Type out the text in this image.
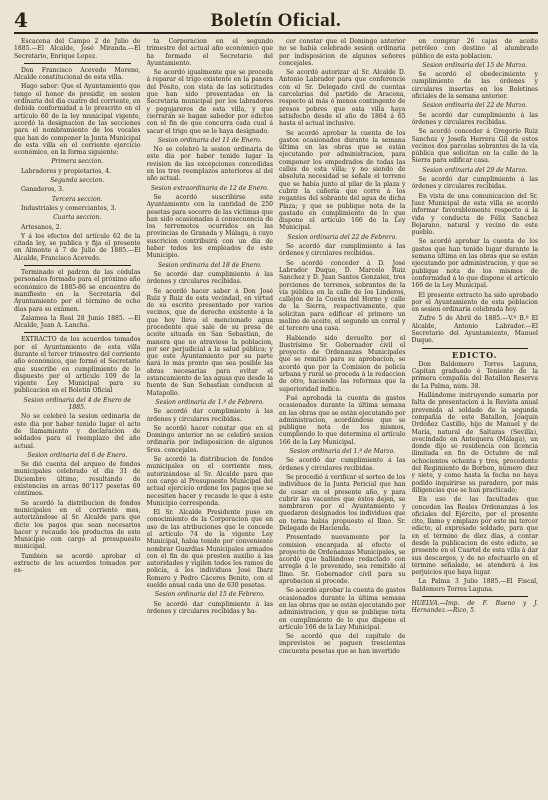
4	Boletín Oficial.

Escacena del Campo 2 de Julio de 1885.—El Alcalde, José Miranda.—El Secretario, Enrique Lopez.

Don Francisco Acevedo Moreno, Alcalde constitucional de esta villa.

Hago saber: Que el Ayuntamiento que tengo el honor de presidir, en sesion ordinaria del dia cuatro del corriente, en debida conformidad a lo prescrito en el artículo 60 de la ley municipal vigente, acordó la designacion de las secciones para el nombramiento de los vocales que han de componer la Junta Municipal de esta villa en el corriente ejercicio económico, en la forma siguiente:

Primera seccion.

Labradores y propietarios, 4.

Segunda seccion.

Ganaderos, 3.

Tercera seccion.

Industriales y comerciantes, 3.

Cuarta seccion.

Artesanos, 2.

Y á los efectos del artículo 62 de la citada ley, se publica y fija el presente en Almonte á 7 de Julio de 1885.—El Alcalde, Francisco Acevedo.

Terminado el padron de las cédulas personales formado para el próximo año económico de 1885-86 se encuentra de manifiesto en la Secretaría del Ayuntamiento por el término de ocho dias para su exámen.

Zalamea la Real 28 Junio 1885. —El Alcalde, Juan A. Lancha.

EXTRACTO de los acuerdos tomados por el Ayuntamiento de esta villa durante el tercer trimestre del corriente año económico, que formó el Secretario que suscribe en cumplimiento de lo dispuesto por el artículo 109 de la vigente Ley Municipal para su publicacion en el Boletin Oficial

Sesion ordinaria del 4 de Enero de 1885.

No se celebró la sesion ordinaria de este dia por haber tenido lugar el acto de llamamiento y declaracion de soldados para el reemplazo del año actual.

Sesion ordinaria del 6 de Enero.

Se dió cuenta del arqueo de fondos municipales celebrado el dia 31 de Diciembre último, resultando de existencias en arcas 80'117 pesetas 69 céntimos.

Se acordó la distribucion de fondos municipales en el corriente mes, autorizándose al Sr. Alcalde para que dicte los pagos que sean necesarios hacer y recaudo los productos de este Municipio con cargo al presupuesto municipal.

También se acordó aprobar el extracto de los acuerdos tomados por es-

ta Corporacion en el segundo trimestre del actual año económico que ha formado el Secretario del Ayuntamiento.

Se acordó igualmente que se proceda á reparar el trigo existente en la panera del Pósito, con vista de las solicitudes que han sido presentadas en la Secretaría municipal por los labradores y pegujareros de esta villa, y que cierrarán se hagan sabedor por edictos con el fin de que concurra cada cual á sacar el trigo que se le haya designado.

Sesion ordinaria del 11 de Enero.

No se celebró la sesion ordinaria de este dia por haber tenido lugar la revision de las excepciones concedidas en los tres reemplazos anteriores al del año actual.

Sesion extraordinaria de 12 de Enero.

Se acordó suscribirse este Ayuntamiento con la cantidad de 250 pesetas para socorro de las víctimas que han sido ocasionadas á consecuencia de los terremotos ocurridos en las provincias de Granada y Málaga, á cuyo suscricion contribuirá con un dia de haber todos los empleados de este Municipio.

Sesion ordinaria del 18 de Enero.

Se acordó dar cumplimiento á las órdenes y circulares recibidas.

Se acordó hacer saber á Don José Ruiz y Ruiz de esta vecindad, en virtud de su escrito presentado por varios vecinos, que de derecho existente á la que hoy lleva el mencionado agua procedente que sale de su presa de aceite situada en San Sebastian, de manera que no atraviese la poblacion, por ser perjudicial á la salud pública; y que este Ayuntamiento por su parte hará lo más pronto que sea posible las obras necesarias para evitar el estancamiento de las aguas que desde la fuente de San Sebastian conducen al Matapollo.

Sesion ordinaria de 1.º de Febrero.

Se acordó dar cumplimiento á las órdenes y circulares recibidas.

Se acordó hacer constar que en el Domingo anterior no se celebró sesion ordinaria por indisposicion de algunos Sres. concejales.

Se acordó la distribucion de fondos municipales en el corriente mes, autorizándose al Sr. Alcalde para que con cargo al Presupuesto Municipal del actual ejercicio ordene los pagos que se necesiten hacer y recaude lo que á este Municipio corresponda.

El Sr. Alcalde Presidente puso en conocimiento de la Corporacion que en uso de las atribuciones que le concede el artículo 74 de la vigente Ley Municipal, habia tenido por conveniente nombrar Guardias Municipales armados con el fin de que presten auxilio á las autoridades y vigilen todos los ramos de policía, á los individuos José Ibarz Romero y Pedro Cáceres Benito, con el sueldo anual cada uno de 630 pesetas.

Sesion ordinaria del 15 de Febrero.

Se acordó dar cumplimiento á las órdenes y circulares recibidas y ha-

cer constar que el Domingo anterior no se había celebrado sesion ordinaria por indisposicion de algunos señores concejales.

Se acordó autorizar al Sr. Alcalde D. Antonio Labrador para que conferencie con el Sr. Delegado civil de cuentas carcelarias del partido de Aracena, respecto al más ó menos contingente de presos pobres que esta villa haya satisfecho desde el año de 1864 á 65 hasta el actual inclusive.

Se acordó aprobar la cuenta de los gastos ocasionados durante la semana última en las obras que se están ejecutando por administracion, para componer los empedrados de todas las calles de esta villa; y no siendo de absoluta necesidad se señale el terreno que se había junto al pilar de la plaza y cubrir la cañería que corre á los regantes del sobrante del agua de dicha Plaza; y que se publique nota de la gastado en cumplimiento de lo que dispone el artículo 166 de la Ley Municipal.

Sesion ordinaria del 22 de Febrero.

Se acordó dar cumplimiento á las órdenes y circulares recibidas.

Se acordó conceder á D. José Labrador Duque, D. Marcelo Ruiz Sanchez y D. Juan Santos Gonzalez, tres porciones de terrenos, sobrantes de la vía pública en la calle de los Linderos, callejón de la Cuesta del Horno y calle de la Sierra, respectivamente, que solicitan para edificar el primero un molino de aceite, el segundo un corral y el tercero una casa.

Habiendo sido devuelto por el Ilustrísimo Sr. Gobernador civil el proyecto de Ordenanzas Municipales que se remitió para su aprobacion, se acordó que por la Comision de policía urbana y rural se proceda á la redaccion de otro, haciendo las reformas que la superioridad indica.

Fué aprobada la cuenta de gastos ocasionados durante la última semana en las obras que se están ejecutando por administracion, acordándose que se publique nota de los mismos, cumpliendo lo que determina el artículo 166 de la Ley Municipal.

Sesion ordinaria del 1.º de Marzo.

Se acordó dar cumplimiento á las órdenes y circulares recibidas.

Se procedió á verificar el sorteo de los individuos de la Junta Pericial que han de cesar en el presente año, y para cubrir las vacantes que éstos dejen, se nombraron por el Ayuntamiento y quedaron designados los individuos que en terna habia propuesto el Ilmo. Sr. Delegado de Hacienda.

Presentado nuevamente por la comision encargada al efecto el proyecto de Ordenanzas Municipales, se acordó que hallándose redactado con arreglo á lo prevenido, sea remitido al Ilmo. Sr. Gobernador civil para su aprobacion si procede.

Se acordó aprobar la cuenta de gastos ocasionados durante la última semana en las obras que se están ejecutando por administracion, y que se publique nota en cumplimiento de lo que dispone el artículo 166 de la Ley Municipal.

Se acordó que del capítulo de imprevistos se paguen trescientas cincuenta pesetas que se han invertido

en comprar 26 cajas de aceite petróleo con destino al alumbrado público de esta poblacion.

Sesion ordinaria del 15 de Marzo.

Se acordó el obedecimiento y cumplimiento de las órdenes y circulares insertas en los Boletines oficiales de la semana anterior.

Sesion ordinaria del 22 de Marzo.

Se acordó dar cumplimiento á las órdenes y circulares recibidas.

Se acordó conceder á Gregorio Ruiz Sanchez y Josefa Herrera Gil de estos vecinos dos parcelas sobrantes de la vía pública que solicitan en la calle de la Sierra para edificar casa.

Sesion ordinaria del 29 de Marzo.

Se acordó dar cumplimiento á las órdenes y circulares recibidas.

En vista de una comunicacion del Sr. Juez Municipal de esta villa se acordó informar favorablemente respecto á la vida y conducta de Félix Sanchez Bejarano, natural y vecino de este pueblo.

Se acordó aprobar la cuenta de los gastos que han tenido lugar durante la semana última en las obras que se están ejecutando por administracion, y que se publique nota de los mismos de conformidad á lo que dispone el artículo 166 de la Ley Municipal.

El presente extracto ha sido aprobado por el Ayuntamiento de esta poblacion en sesion ordinaria celebrada hoy.

Zufre 5 de Abril de 1885.—V.º B.º El Alcalde, Antonio Labrador.—El Secretario del Ayuntamiento, Manuel Duque.

EDICTO.

Don Baldomero Torres Laguna, Capitan graduado é Teniente de la primera compañía del Batallon Reserva de La Palma, núm. 38.

Hallándome instruyendo sumaria por falta de presentacion á la Revista anual prevenida al soldado de la segunda compañía de este Batallon, Joaquin Ordoñez Castillo, hijo de Manuel y de María, natural de Saltaras (Sevilla), avecindado en Antequera (Málaga), un donde dijo se residencia con licencia ilimitada en fin de Octubre de mil ochocientos ochenta y tres, procedente del Regimiento de Borbon, número diez y siete, y como hasta la fecha no haya podido inquirirse su paradero, por más diligencias que se han practicado;

En uso de las facultades que conceden las Reales Ordenanzas á los oficiales del Ejército, por el presente cito, llamo y emplazo por este mi tercer edicto, al expresado soldado, para que en el término de diez dias, á contar desde la publicacion de este edicto, se presente en el Cuartel de esta villa á dar sus descargos, y de no efectuarlo en el término señalado, se atenderá á los perjuicios que haya lugar.

La Palma 3 Julio 1885.—El Fiscal, Baldomero Torres Laguna.

HUELVA.—Imp. de F. Bueno y J. Hernandez.—Rico, 5.
